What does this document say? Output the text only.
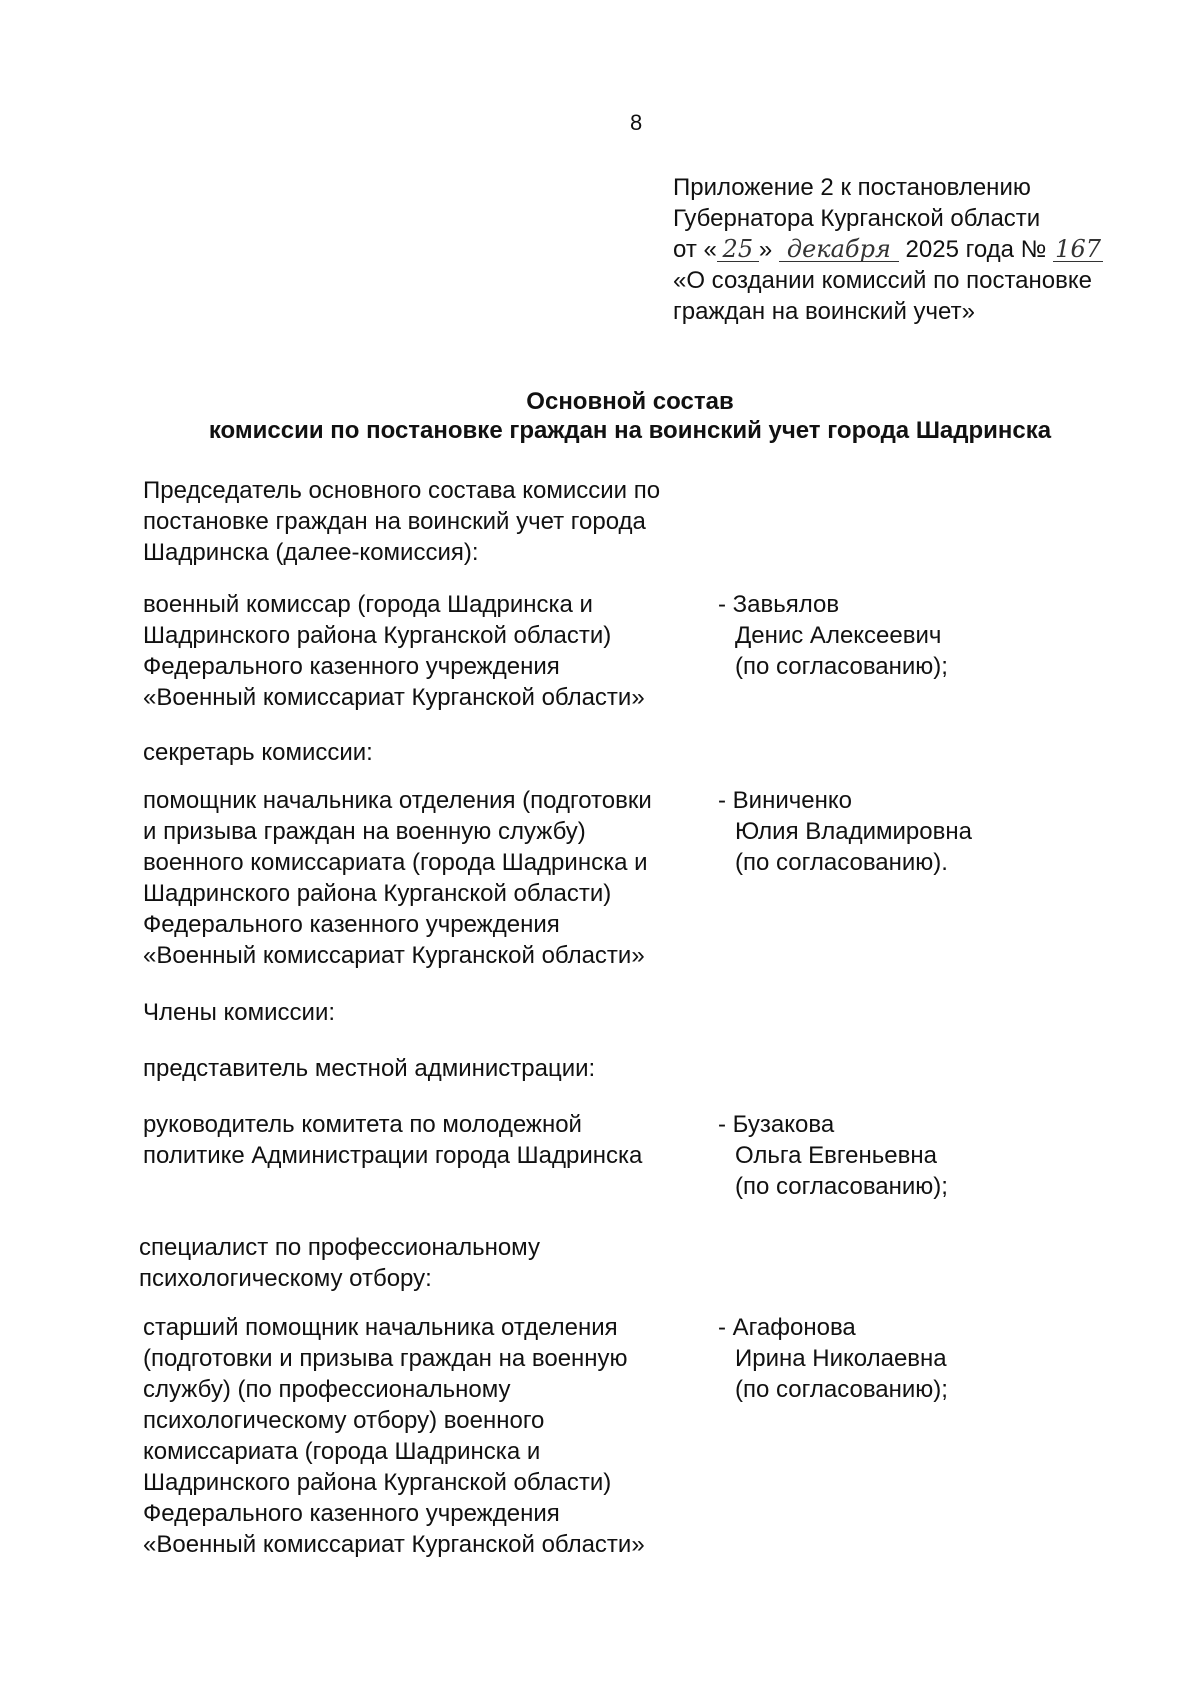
8
Приложение 2 к постановлению
Губернатора Курганской области
от « 25 » декабря 2025 года № 167
«О создании комиссий по постановке
граждан на воинский учет»
Основной состав
комиссии по постановке граждан на воинский учет города Шадринска
Председатель основного состава комиссии по
постановке граждан на воинский учет города
Шадринска (далее-комиссия):
военный комиссар (города Шадринска и
Шадринского района Курганской области)
Федерального казенного учреждения
«Военный комиссариат Курганской области»
- Завьялов
Денис Алексеевич
(по согласованию);
секретарь комиссии:
помощник начальника отделения (подготовки
и призыва граждан на военную службу)
военного комиссариата (города Шадринска и
Шадринского района Курганской области)
Федерального казенного учреждения
«Военный комиссариат Курганской области»
- Виниченко
Юлия Владимировна
(по согласованию).
Члены комиссии:
представитель местной администрации:
руководитель комитета по молодежной
политике Администрации города Шадринска
- Бузакова
Ольга Евгеньевна
(по согласованию);
специалист по профессиональному
психологическому отбору:
старший помощник начальника отделения
(подготовки и призыва граждан на военную
службу) (по профессиональному
психологическому отбору) военного
комиссариата (города Шадринска и
Шадринского района Курганской области)
Федерального казенного учреждения
«Военный комиссариат Курганской области»
- Агафонова
Ирина Николаевна
(по согласованию);
